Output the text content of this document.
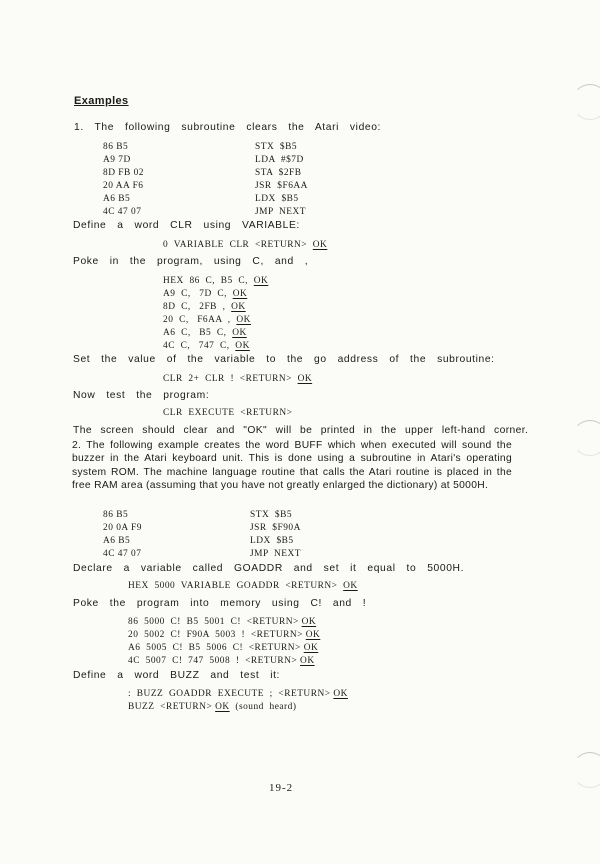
Examples
1.  The  following  subroutine  clears  the  Atari  video:
86 B5	STX  $B5
A9 7D	LDA  #$7D
8D FB 02	STA  $2FB
20 AA F6	JSR  $F6AA
A6 B5	LDX  $B5
4C 47 07	JMP  NEXT
Define  a  word  CLR  using  VARIABLE:
0  VARIABLE  CLR  <RETURN> OK
Poke  in  the  program,  using  C,  and  ,
HEX  86  C,  B5  C, OK
A9  C,   7D  C, OK
8D  C,   2FB  , OK
20  C,   F6AA  , OK
A6  C,   B5  C, OK
4C  C,   747  C, OK
Set  the  value  of  the  variable  to  the  go  address  of  the  subroutine:
CLR  2+  CLR  !  <RETURN> OK
Now  test  the  program:
CLR  EXECUTE  <RETURN>
The  screen  should  clear  and  "OK"  will  be  printed  in  the  upper  left-hand  corner.
2. The following example creates the word BUFF which when executed will sound the buzzer in the Atari keyboard unit. This is done using a subroutine in Atari's operating system ROM. The machine language routine that calls the Atari routine is placed in the free RAM area (assuming that you have not greatly enlarged the dictionary) at 5000H.
86 B5	STX  $B5
20 0A F9	JSR  $F90A
A6 B5	LDX  $B5
4C 47 07	JMP  NEXT
Declare  a  variable  called  GOADDR  and  set  it  equal  to  5000H.
HEX  5000  VARIABLE  GOADDR  <RETURN> OK
Poke  the  program  into  memory  using  C!  and  !
86  5000  C!  B5  5001  C!  <RETURN> OK
20  5002  C!  F90A  5003  !  <RETURN> OK
A6  5005  C!  B5  5006  C!  <RETURN> OK
4C  5007  C!  747  5008  !  <RETURN> OK
Define  a  word  BUZZ  and  test  it:
:  BUZZ  GOADDR  EXECUTE  ;  <RETURN> OK
BUZZ  <RETURN> OK (sound  heard)
19-2
